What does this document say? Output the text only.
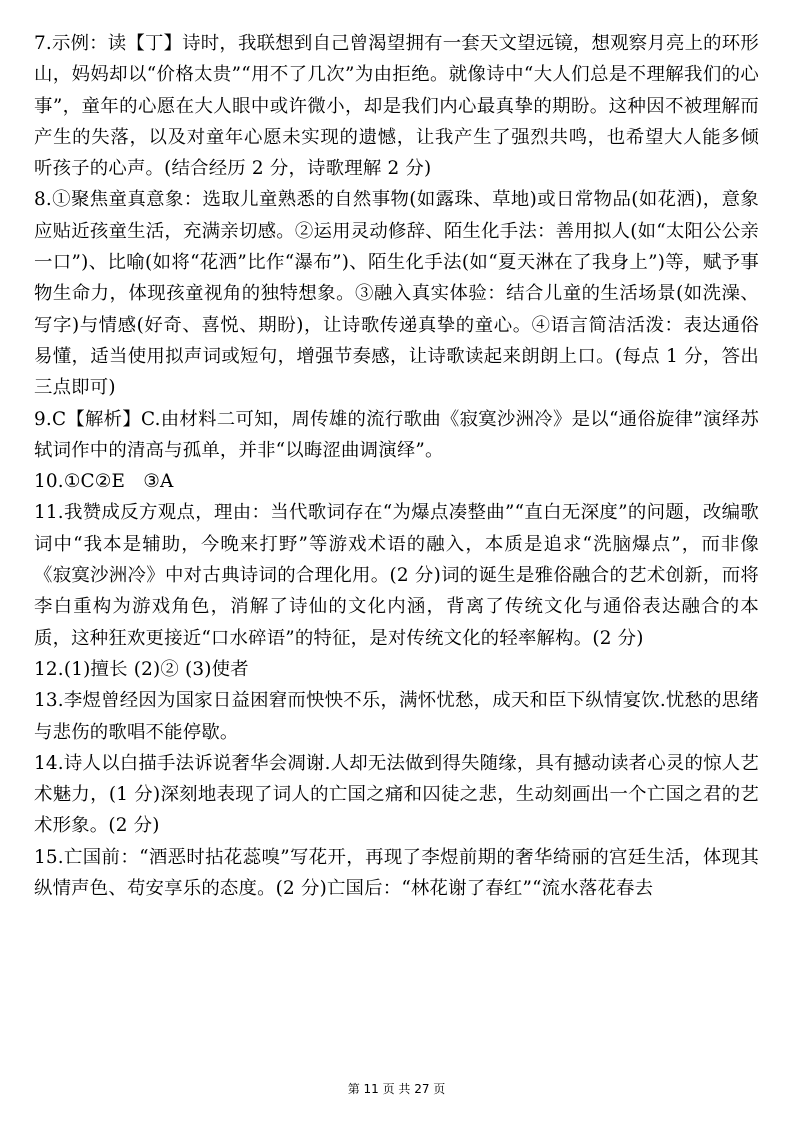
7.示例：读【丁】诗时，我联想到自己曾渴望拥有一套天文望远镜，想观察月亮上的环形山，妈妈却以“价格太贵”“用不了几次”为由拒绝。就像诗中“大人们总是不理解我们的心事”，童年的心愿在大人眼中或许微小，却是我们内心最真挚的期盼。这种因不被理解而产生的失落，以及对童年心愿未实现的遗憾，让我产生了强烈共鸣，也希望大人能多倾听孩子的心声。(结合经历 2 分，诗歌理解 2 分)

8.①聚焦童真意象：选取儿童熟悉的自然事物(如露珠、草地)或日常物品(如花洒)，意象应贴近孩童生活，充满亲切感。②运用灵动修辞、陌生化手法：善用拟人(如“太阳公公亲一口”)、比喻(如将“花洒”比作“瀑布”)、陌生化手法(如“夏天淋在了我身上”)等，赋予事物生命力，体现孩童视角的独特想象。③融入真实体验：结合儿童的生活场景(如洗澡、写字)与情感(好奇、喜悦、期盼)，让诗歌传递真挚的童心。④语言简洁活泼：表达通俗易懂，适当使用拟声词或短句，增强节奏感，让诗歌读起来朗朗上口。(每点 1 分，答出三点即可)

9.C【解析】C.由材料二可知，周传雄的流行歌曲《寂寞沙洲冷》是以“通俗旋律”演绎苏轼词作中的清高与孤单，并非“以晦涩曲调演绎”。

10.①C②E   ③A

11.我赞成反方观点，理由：当代歌词存在“为爆点凑整曲”“直白无深度”的问题，改编歌词中“我本是辅助，今晚来打野”等游戏术语的融入，本质是追求“洗脑爆点”，而非像《寂寞沙洲冷》中对古典诗词的合理化用。(2 分)词的诞生是雅俗融合的艺术创新，而将李白重构为游戏角色，消解了诗仙的文化内涵，背离了传统文化与通俗表达融合的本质，这种狂欢更接近“口水碎语”的特征，是对传统文化的轻率解构。(2 分)

12.(1)擅长 (2)② (3)使者

13.李煜曾经因为国家日益困窘而怏怏不乐，满怀忧愁，成天和臣下纵情宴饮.忧愁的思绪与悲伤的歌唱不能停歇。

14.诗人以白描手法诉说奢华会凋谢.人却无法做到得失随缘，具有撼动读者心灵的惊人艺术魅力，(1 分)深刻地表现了词人的亡国之痛和囚徒之悲，生动刻画出一个亡国之君的艺术形象。(2 分)

15.亡国前：“酒恶时拈花蕊嗅”写花开，再现了李煜前期的奢华绮丽的宫廷生活，体现其纵情声色、苟安享乐的态度。(2 分)亡国后：“林花谢了春红”“流水落花春去

第 11 页 共 27 页
